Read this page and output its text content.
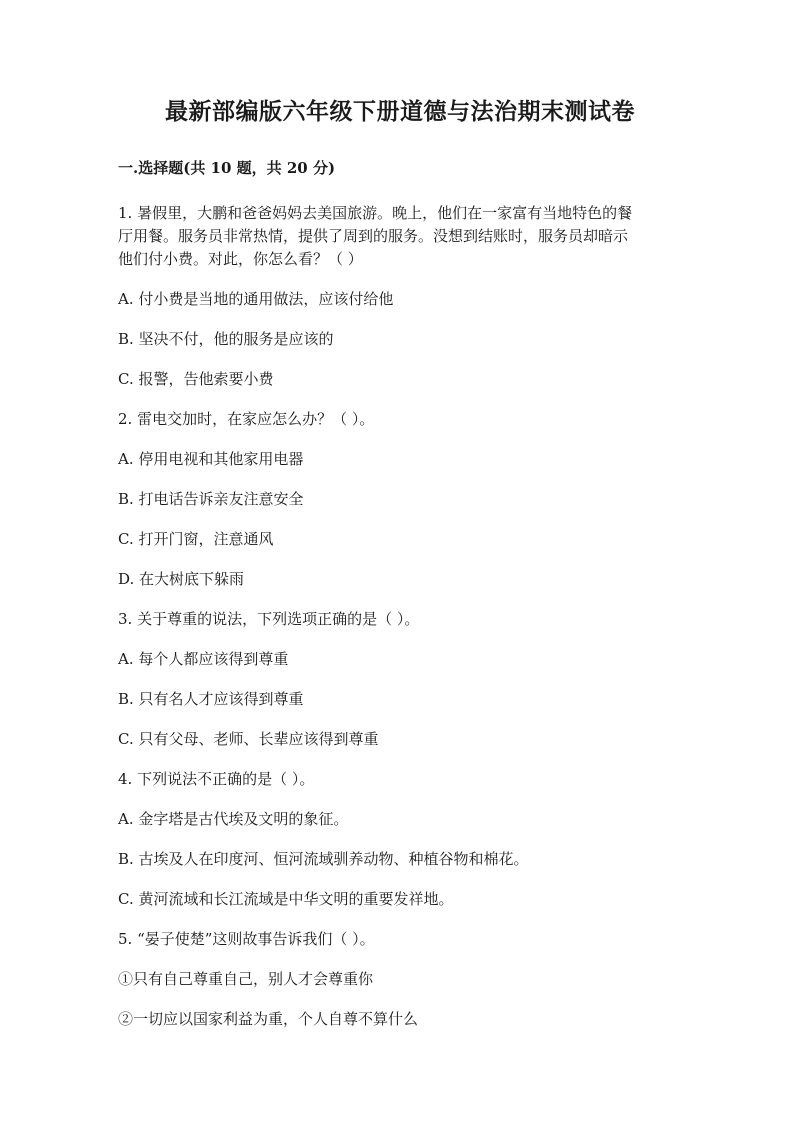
最新部编版六年级下册道德与法治期末测试卷
一.选择题(共 10 题，共 20 分)
1. 暑假里，大鹏和爸爸妈妈去美国旅游。晚上，他们在一家富有当地特色的餐
厅用餐。服务员非常热情，提供了周到的服务。没想到结账时，服务员却暗示
他们付小费。对此，你怎么看？（ ）
A. 付小费是当地的通用做法，应该付给他
B. 坚决不付，他的服务是应该的
C. 报警，告他索要小费
2. 雷电交加时，在家应怎么办？（ ）。
A. 停用电视和其他家用电器
B. 打电话告诉亲友注意安全
C. 打开门窗，注意通风
D. 在大树底下躲雨
3. 关于尊重的说法，下列选项正确的是（ ）。
A. 每个人都应该得到尊重
B. 只有名人才应该得到尊重
C. 只有父母、老师、长辈应该得到尊重
4. 下列说法不正确的是（ ）。
A. 金字塔是古代埃及文明的象征。
B. 古埃及人在印度河、恒河流域驯养动物、种植谷物和棉花。
C. 黄河流域和长江流域是中华文明的重要发祥地。
5. “晏子使楚”这则故事告诉我们（ ）。
①只有自己尊重自己，别人才会尊重你
②一切应以国家利益为重，个人自尊不算什么
